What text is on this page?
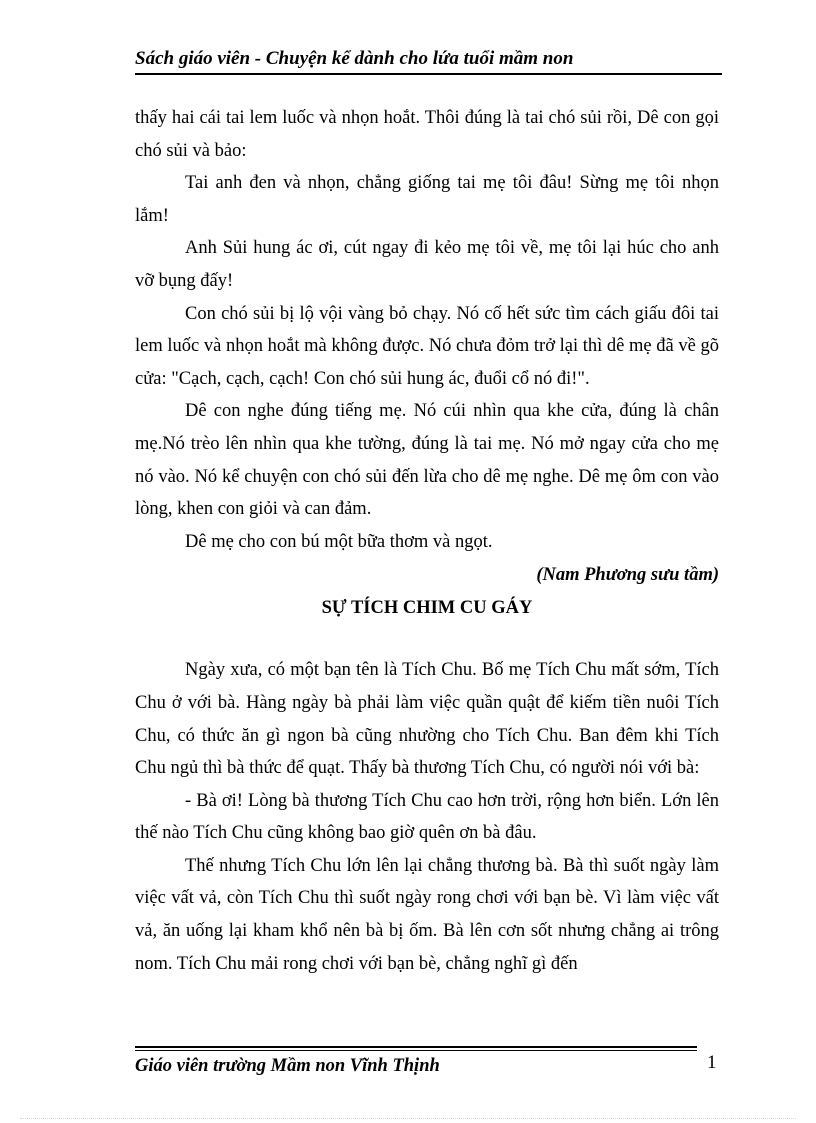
Sách giáo viên - Chuyện kể dành cho lứa tuổi mầm non

thấy hai cái tai lem luốc và nhọn hoắt. Thôi đúng là tai chó sủi rồi, Dê con gọi chó sủi và bảo:

Tai anh đen và nhọn, chẳng giống tai mẹ tôi đâu! Sừng mẹ tôi nhọn lắm!

Anh Sủi hung ác ơi, cút ngay đi kẻo mẹ tôi về, mẹ tôi lại húc cho anh vỡ bụng đấy!

Con chó sủi bị lộ vội vàng bỏ chạy. Nó cố hết sức tìm cách giấu đôi tai lem luốc và nhọn hoắt mà không được. Nó chưa đỏm trở lại thì dê mẹ đã về gõ cửa: "Cạch, cạch, cạch! Con chó sủi hung ác, đuổi cổ nó đi!".

Dê con nghe đúng tiếng mẹ. Nó cúi nhìn qua khe cửa, đúng là chân mẹ.Nó trèo lên nhìn qua khe tường, đúng là tai mẹ. Nó mở ngay cửa cho mẹ nó vào. Nó kể chuyện con chó sủi đến lừa cho dê mẹ nghe. Dê mẹ ôm con vào lòng, khen con giỏi và can đảm.

Dê mẹ cho con bú một bữa thơm và ngọt.

(Nam Phương sưu tầm)

SỰ TÍCH CHIM CU GÁY

Ngày xưa, có một bạn tên là Tích Chu. Bố mẹ Tích Chu mất sớm, Tích Chu ở với bà. Hàng ngày bà phải làm việc quần quật để kiếm tiền nuôi Tích Chu, có thức ăn gì ngon bà cũng nhường cho Tích Chu. Ban đêm khi Tích Chu ngủ thì bà thức để quạt. Thấy bà thương Tích Chu, có người nói với bà:

- Bà ơi! Lòng bà thương Tích Chu cao hơn trời, rộng hơn biển. Lớn lên thế nào Tích Chu cũng không bao giờ quên ơn bà đâu.

Thế nhưng Tích Chu lớn lên lại chẳng thương bà. Bà thì suốt ngày làm việc vất vả, còn Tích Chu thì suốt ngày rong chơi với bạn bè. Vì làm việc vất vả, ăn uống lại kham khổ nên bà bị ốm. Bà lên cơn sốt nhưng chẳng ai trông nom. Tích Chu mải rong chơi với bạn bè, chẳng nghĩ gì đến

Giáo viên trường Mầm non Vĩnh Thịnh	1
